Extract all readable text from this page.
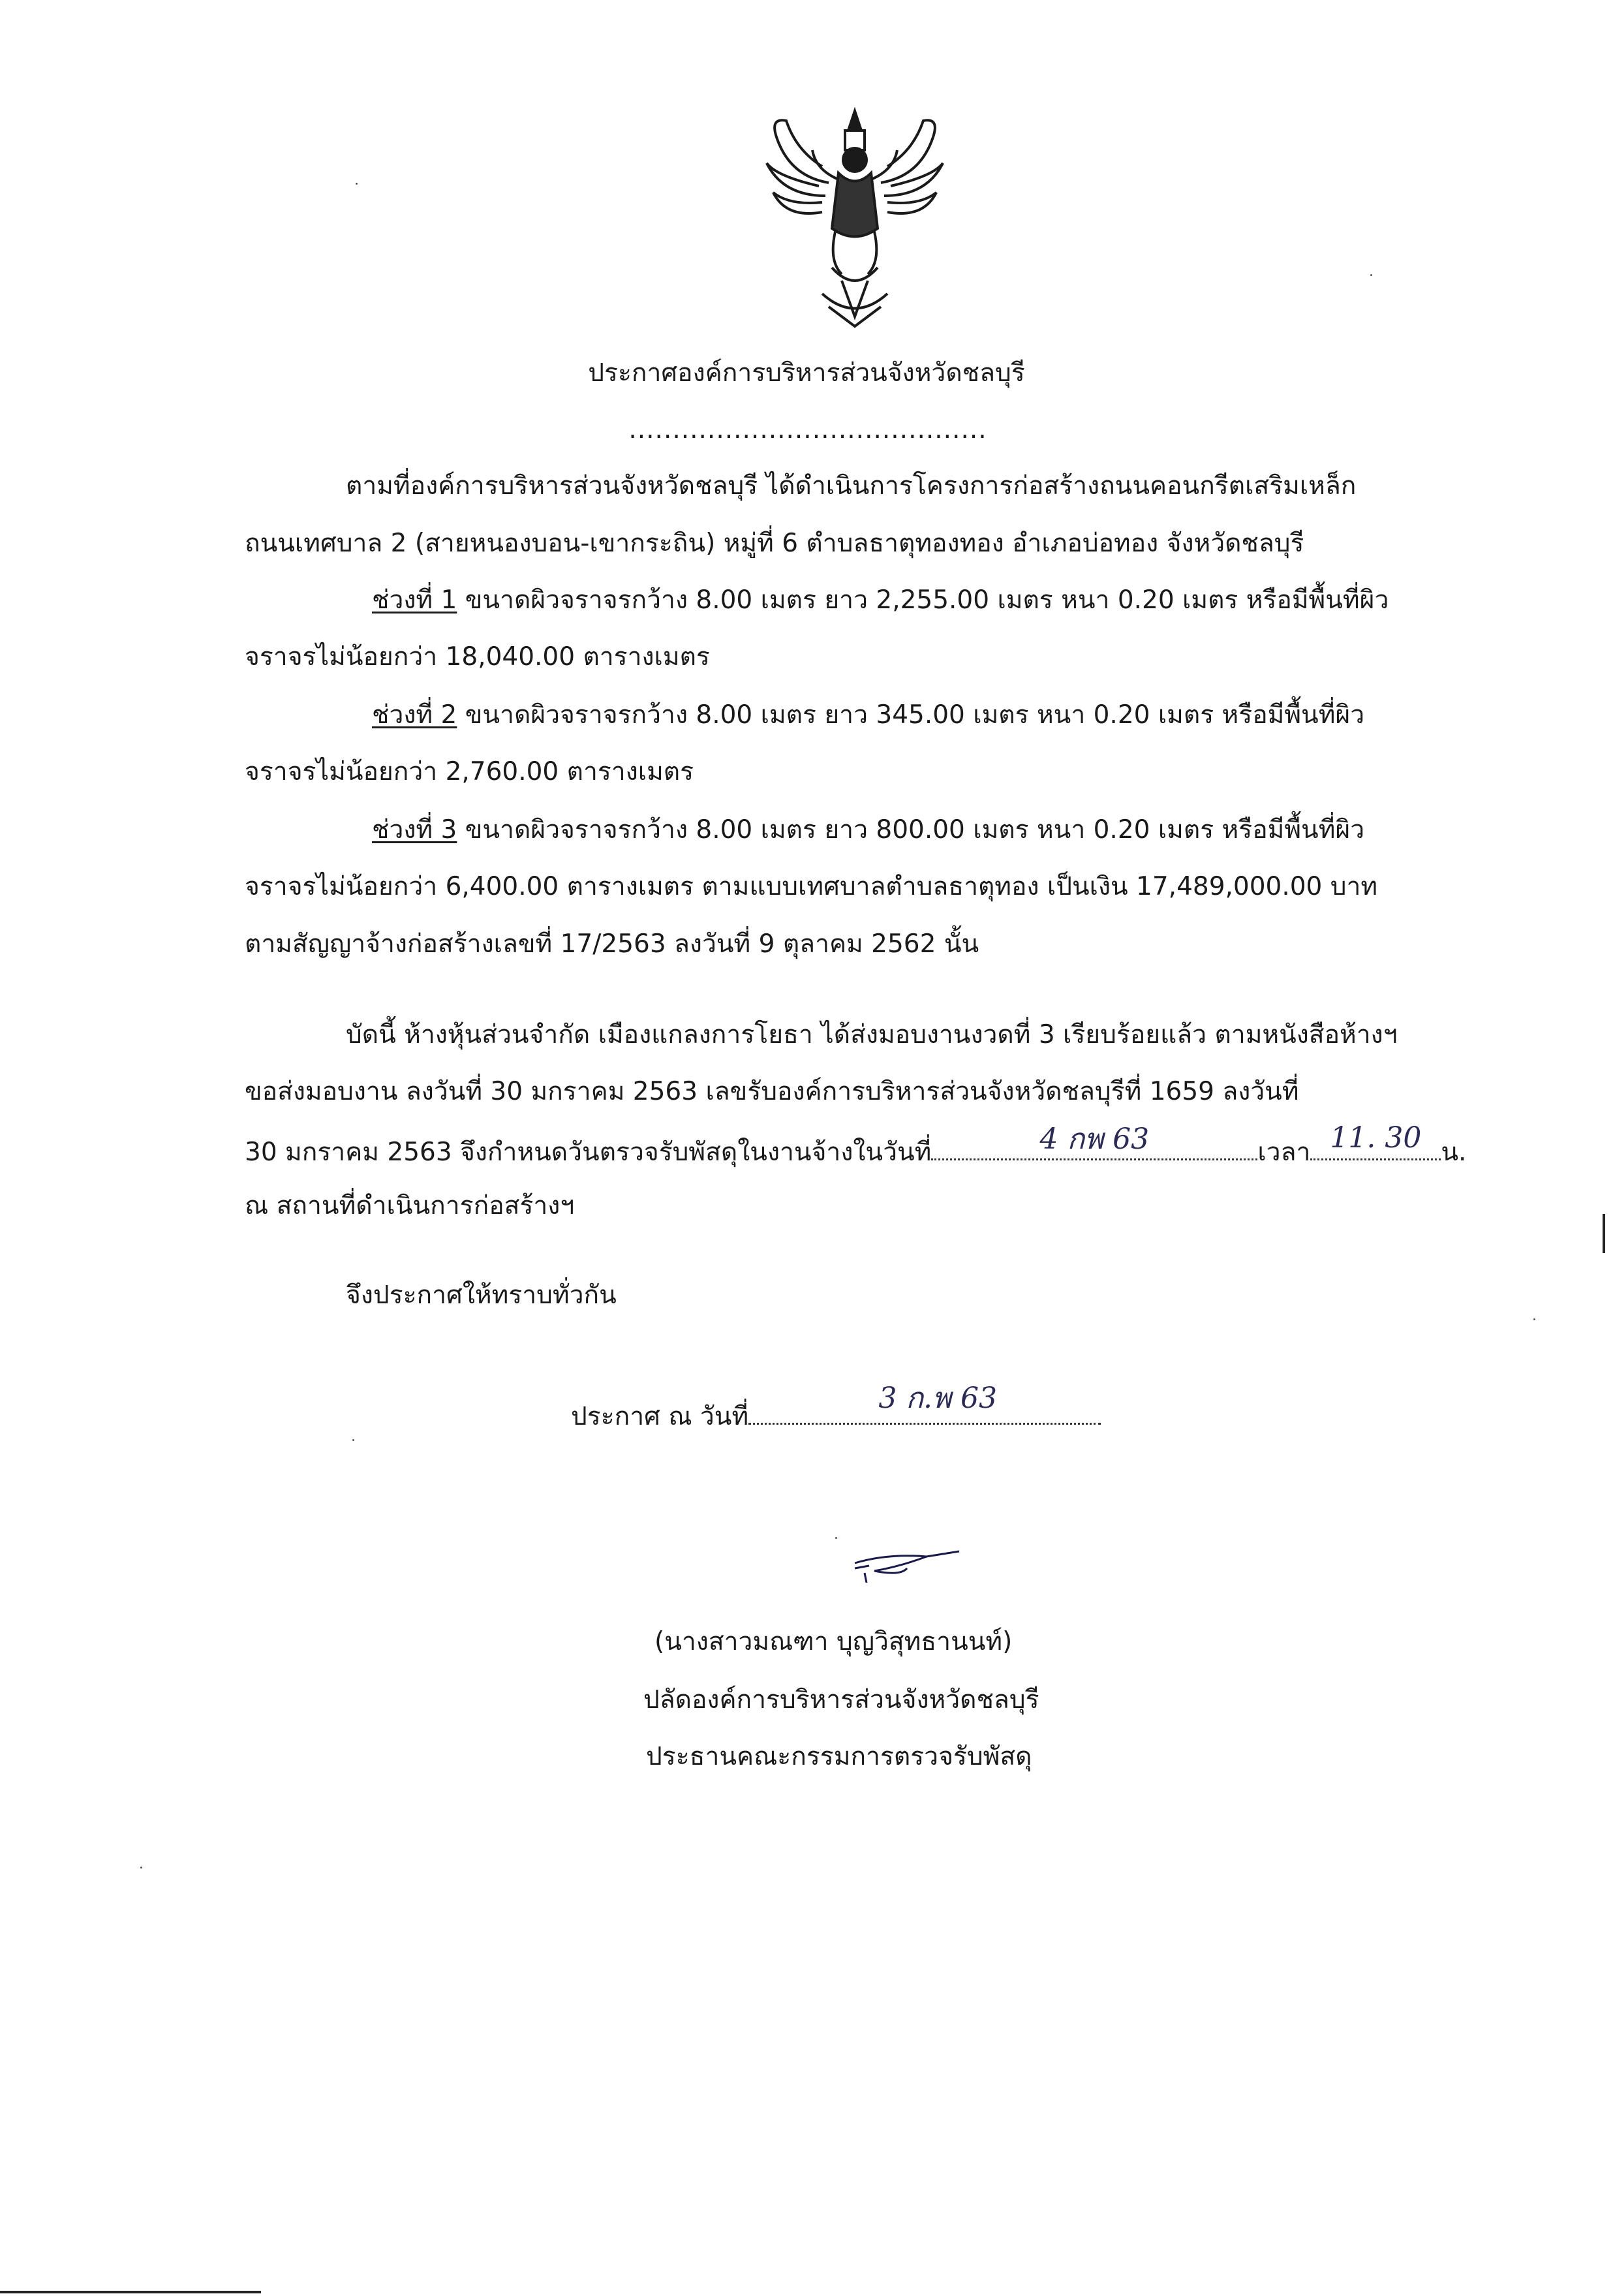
ประกาศองค์การบริหารส่วนจังหวัดชลบุรี
.........................................
ตามที่องค์การบริหารส่วนจังหวัดชลบุรี ได้ดำเนินการโครงการก่อสร้างถนนคอนกรีตเสริมเหล็ก
ถนนเทศบาล 2 (สายหนองบอน-เขากระถิน) หมู่ที่ 6 ตำบลธาตุทองทอง อำเภอบ่อทอง จังหวัดชลบุรี
ช่วงที่ 1 ขนาดผิวจราจรกว้าง 8.00 เมตร ยาว 2,255.00 เมตร หนา 0.20 เมตร หรือมีพื้นที่ผิว
จราจรไม่น้อยกว่า 18,040.00 ตารางเมตร
ช่วงที่ 2 ขนาดผิวจราจรกว้าง 8.00 เมตร ยาว 345.00 เมตร หนา 0.20 เมตร หรือมีพื้นที่ผิว
จราจรไม่น้อยกว่า 2,760.00 ตารางเมตร
ช่วงที่ 3 ขนาดผิวจราจรกว้าง 8.00 เมตร ยาว 800.00 เมตร หนา 0.20 เมตร หรือมีพื้นที่ผิว
จราจรไม่น้อยกว่า 6,400.00 ตารางเมตร ตามแบบเทศบาลตำบลธาตุทอง เป็นเงิน 17,489,000.00 บาท
ตามสัญญาจ้างก่อสร้างเลขที่ 17/2563 ลงวันที่ 9 ตุลาคม 2562 นั้น
บัดนี้ ห้างหุ้นส่วนจำกัด เมืองแกลงการโยธา ได้ส่งมอบงานงวดที่ 3 เรียบร้อยแล้ว ตามหนังสือห้างฯ
ขอส่งมอบงาน ลงวันที่ 30 มกราคม 2563 เลขรับองค์การบริหารส่วนจังหวัดชลบุรีที่ 1659 ลงวันที่
30 มกราคม 2563 จึงกำหนดวันตรวจรับพัสดุในงานจ้างในวันที่	4 กพ 63	เวลา 11. 30 น.
ณ สถานที่ดำเนินการก่อสร้างฯ
จึงประกาศให้ทราบทั่วกัน
ประกาศ ณ วันที่
3 ก.พ 63
(นางสาวมณฑา บุญวิสุทธานนท์)
ปลัดองค์การบริหารส่วนจังหวัดชลบุรี
ประธานคณะกรรมการตรวจรับพัสดุ
